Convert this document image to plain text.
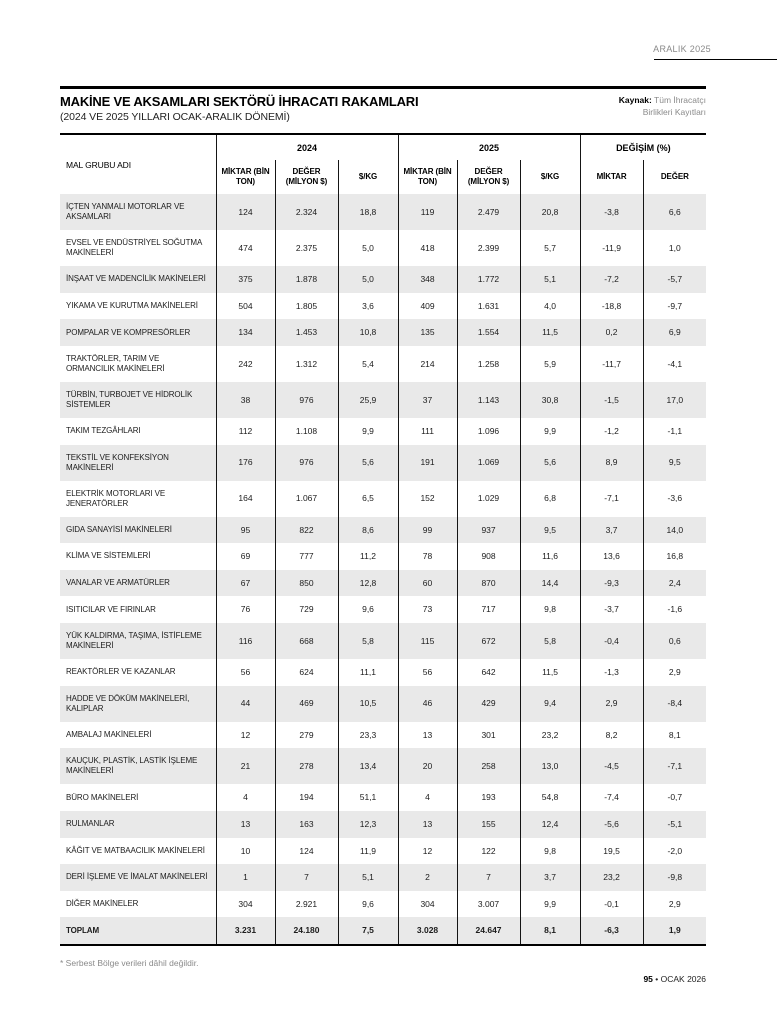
ARALIK 2025
MAKİNE VE AKSAMLARI SEKTÖRÜ İHRACATI RAKAMLARI
(2024 VE 2025 YILLARI OCAK-ARALIK DÖNEMİ)
Kaynak: Tüm İhracatçı
Birlikleri Kayıtları
MAL GRUBU ADI	2024			2025			DEĞİŞİM (%)	
	MİKTAR (BİN TON)	DEĞER (MİLYON $)	$/KG	MİKTAR (BİN TON)	DEĞER (MİLYON $)	$/KG	MİKTAR	DEĞER
İÇTEN YANMALI MOTORLAR VE AKSAMLARI	124	2.324	18,8	119	2.479	20,8	-3,8	6,6
EVSEL VE ENDÜSTRİYEL SOĞUTMA MAKİNELERİ	474	2.375	5,0	418	2.399	5,7	-11,9	1,0
İNŞAAT VE MADENCİLİK MAKİNELERİ	375	1.878	5,0	348	1.772	5,1	-7,2	-5,7
YIKAMA VE KURUTMA MAKİNELERİ	504	1.805	3,6	409	1.631	4,0	-18,8	-9,7
POMPALAR VE KOMPRESÖRLER	134	1.453	10,8	135	1.554	11,5	0,2	6,9
TRAKTÖRLER, TARIM VE ORMANCILIK MAKİNELERİ	242	1.312	5,4	214	1.258	5,9	-11,7	-4,1
TÜRBİN, TURBOJET VE HİDROLİK SİSTEMLER	38	976	25,9	37	1.143	30,8	-1,5	17,0
TAKIM TEZGÂHLARI	112	1.108	9,9	111	1.096	9,9	-1,2	-1,1
TEKSTİL VE KONFEKSİYON MAKİNELERİ	176	976	5,6	191	1.069	5,6	8,9	9,5
ELEKTRİK MOTORLARI VE JENERATÖRLER	164	1.067	6,5	152	1.029	6,8	-7,1	-3,6
GIDA SANAYİSİ MAKİNELERİ	95	822	8,6	99	937	9,5	3,7	14,0
KLİMA VE SİSTEMLERİ	69	777	11,2	78	908	11,6	13,6	16,8
VANALAR VE ARMATÜRLER	67	850	12,8	60	870	14,4	-9,3	2,4
ISITICILAR VE FIRINLAR	76	729	9,6	73	717	9,8	-3,7	-1,6
YÜK KALDIRMA, TAŞIMA, İSTİFLEME MAKİNELERİ	116	668	5,8	115	672	5,8	-0,4	0,6
REAKTÖRLER VE KAZANLAR	56	624	11,1	56	642	11,5	-1,3	2,9
HADDE VE DÖKÜM MAKİNELERİ, KALIPLAR	44	469	10,5	46	429	9,4	2,9	-8,4
AMBALAJ MAKİNELERİ	12	279	23,3	13	301	23,2	8,2	8,1
KAUÇUK, PLASTİK, LASTİK İŞLEME MAKİNELERİ	21	278	13,4	20	258	13,0	-4,5	-7,1
BÜRO MAKİNELERİ	4	194	51,1	4	193	54,8	-7,4	-0,7
RULMANLAR	13	163	12,3	13	155	12,4	-5,6	-5,1
KÂĞIT VE MATBAACILIK MAKİNELERİ	10	124	11,9	12	122	9,8	19,5	-2,0
DERİ İŞLEME VE İMALAT MAKİNELERİ	1	7	5,1	2	7	3,7	23,2	-9,8
DİĞER MAKİNELER	304	2.921	9,6	304	3.007	9,9	-0,1	2,9
TOPLAM	3.231	24.180	7,5	3.028	24.647	8,1	-6,3	1,9
* Serbest Bölge verileri dâhil değildir.
95 • OCAK 2026
